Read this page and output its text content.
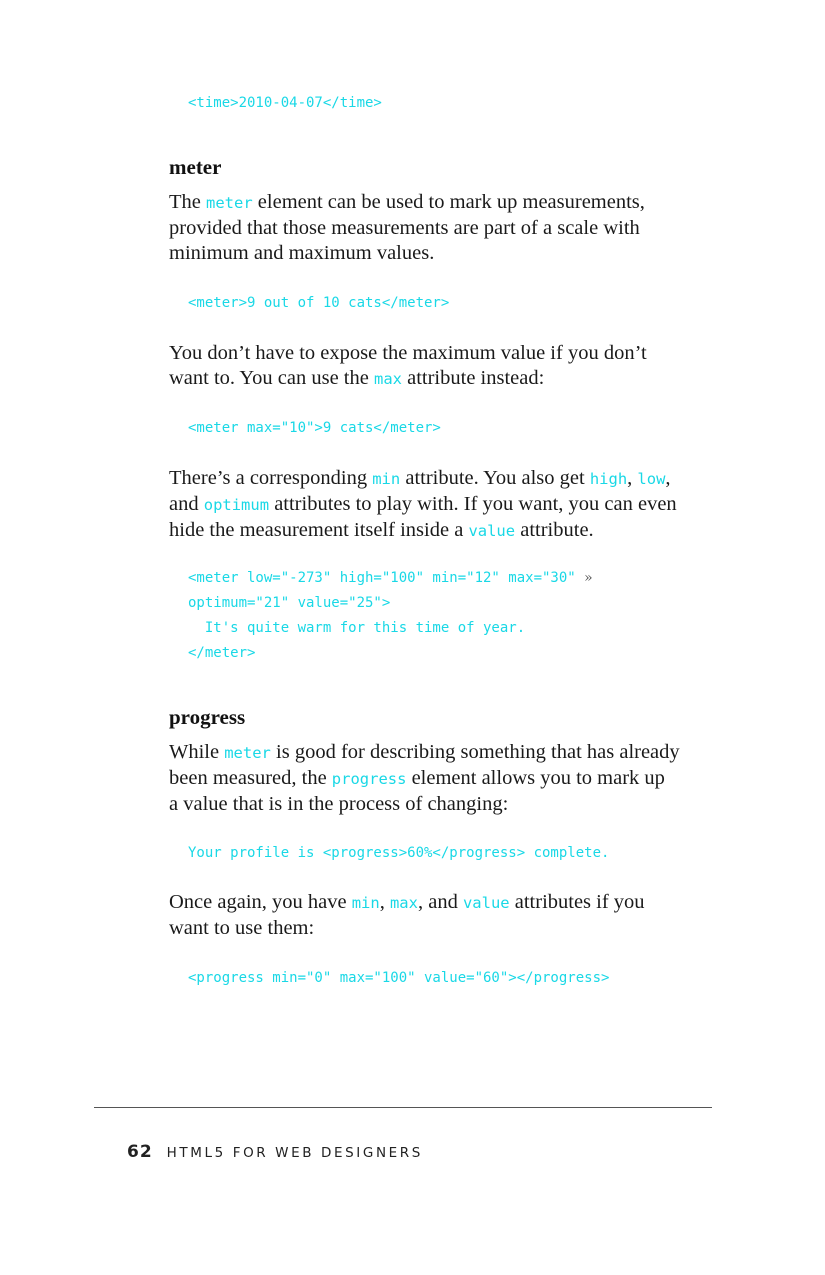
<time>2010-04-07</time>
meter

The meter element can be used to mark up measurements,
provided that those measurements are part of a scale with
minimum and maximum values.

<meter>9 out of 10 cats</meter>

You don’t have to expose the maximum value if you don’t
want to. You can use the max attribute instead:

<meter max="10">9 cats</meter>

There’s a corresponding min attribute. You also get high, low,
and optimum attributes to play with. If you want, you can even
hide the measurement itself inside a value attribute.

<meter low="-273" high="100" min="12" max="30" »
optimum="21" value="25">
It's quite warm for this time of year.
</meter>
progress

While meter is good for describing something that has already
been measured, the progress element allows you to mark up
a value that is in the process of changing:

Your profile is <progress>60%</progress> complete.

Once again, you have min, max, and value attributes if you
want to use them:

<progress min="0" max="100" value="60"></progress>
62 HTML5 FOR WEB DESIGNERS
